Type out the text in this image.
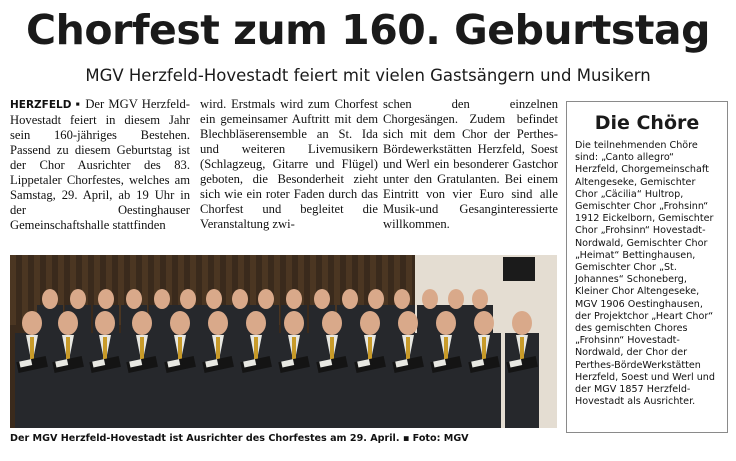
Chorfest zum 160. Geburtstag
MGV Herzfeld-Hovestadt feiert mit vielen Gastsängern und Musikern
HERZFELD ▪ Der MGV Herzfeld-Hovestadt feiert in diesem Jahr sein 160-jähriges Bestehen. Passend zu diesem Geburtstag ist der Chor Ausrichter des 83. Lippetaler Chorfestes, welches am Samstag, 29. April, ab 19 Uhr in der Oestinghauser Gemeinschaftshalle stattfinden
wird. Erstmals wird zum Chorfest ein gemeinsamer Auftritt mit dem Blechbläserensemble an St. Ida und weiteren Livemusikern (Schlagzeug, Gitarre und Flügel) geboten, die Besonderheit zieht sich wie ein roter Faden durch das Chorfest und begleitet die Veranstaltung zwi-
schen den einzelnen Chorgesängen. Zudem befindet sich mit dem Chor der Perthes-Bördewerkstätten Herzfeld, Soest und Werl ein besonderer Gastchor unter den Gratulanten. Bei einem Eintritt von vier Euro sind alle Musik-und Gesanginteressierte willkommen.
Die Chöre

Die teilnehmenden Chöre sind: „Canto allegro“ Herzfeld, Chorgemeinschaft Altengeseke, Gemischter Chor „Cäcilia“ Hultrop, Gemischter Chor „Frohsinn“ 1912 Eickelborn, Gemischter Chor „Frohsinn“ Hovestadt-Nordwald, Gemischter Chor „Heimat“ Bettinghausen, Gemischter Chor „St. Johannes“ Schoneberg, Kleiner Chor Altengeseke, MGV 1906 Oestinghausen, der Projektchor „Heart Chor“ des gemischten Chores „Frohsinn“ Hovestadt-Nordwald, der Chor der Perthes-BördeWerkstätten Herzfeld, Soest und Werl und der MGV 1857 Herzfeld-Hovestadt als Ausrichter.

Der MGV Herzfeld-Hovestadt ist Ausrichter des Chorfestes am 29. April. ▪ Foto: MGV
